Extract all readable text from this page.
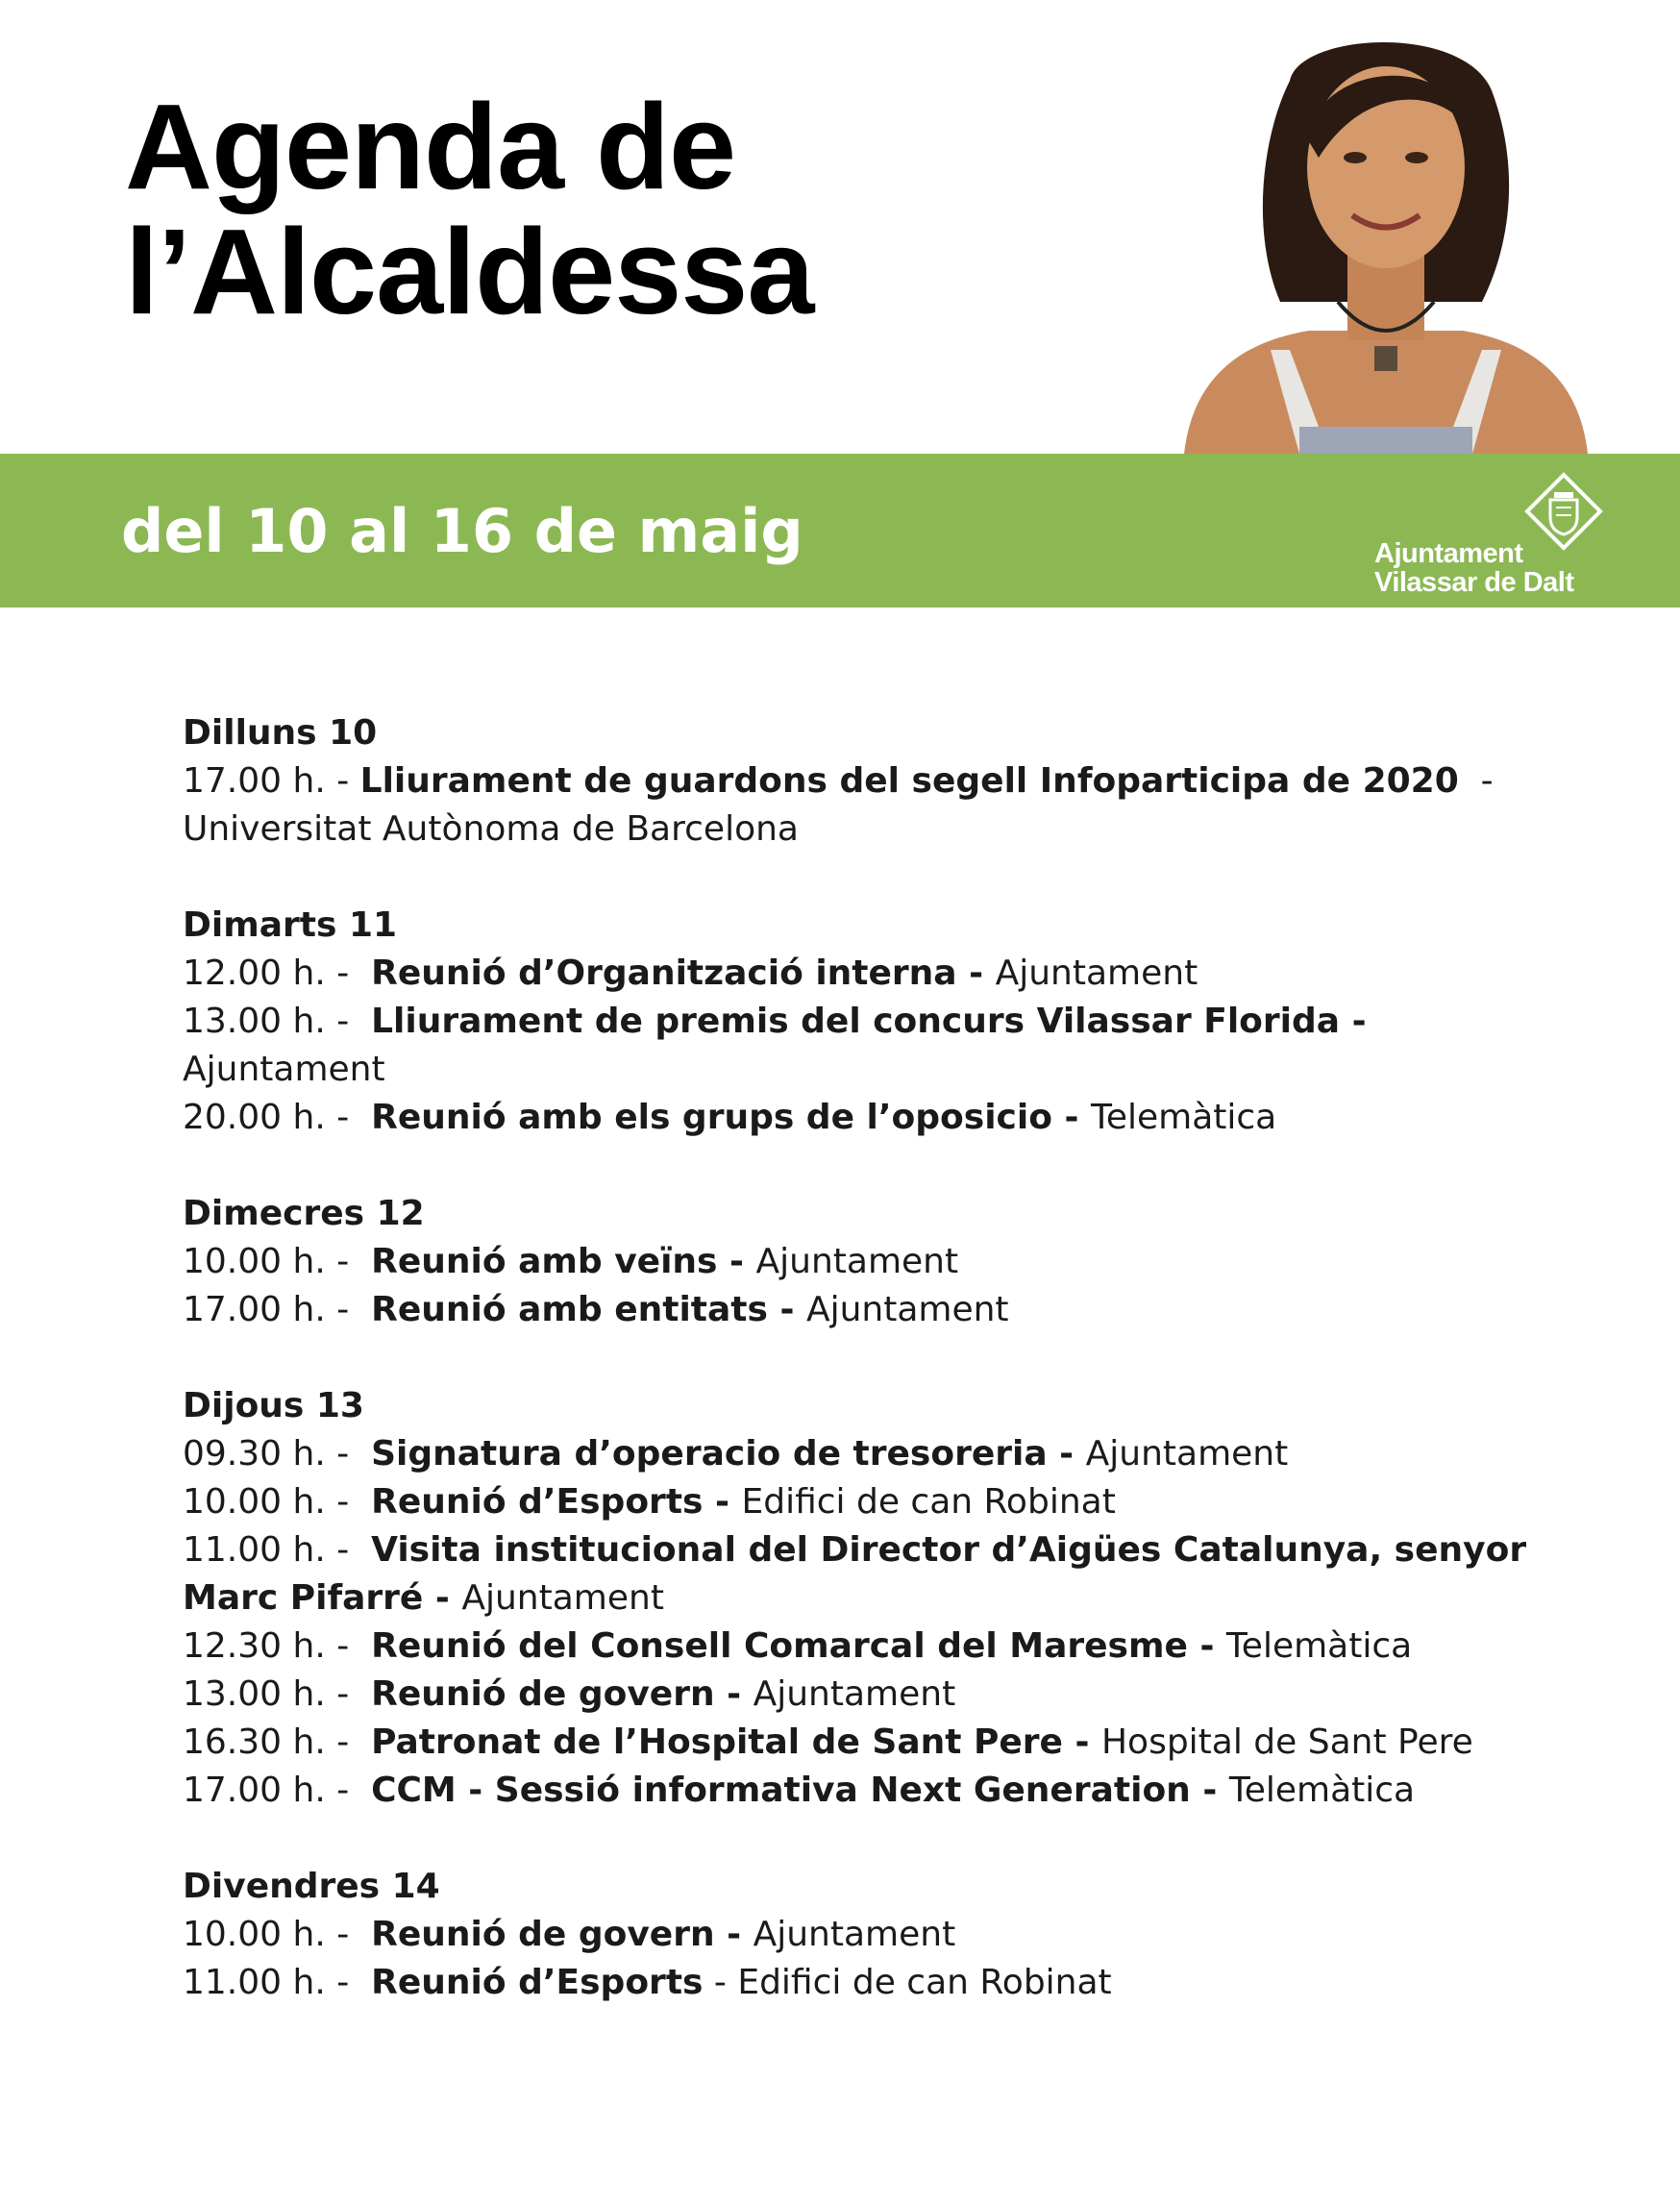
Agenda de
l’Alcaldessa
del 10 al 16 de maig	Ajuntament
Vilassar de Dalt
Dilluns 10
17.00 h. - Lliurament de guardons del segell Infoparticipa de 2020  - Universitat Autònoma de Barcelona
Dimarts 11
12.00 h. -  Reunió d’Organització interna - Ajuntament
13.00 h. -  Lliurament de premis del concurs Vilassar Florida - Ajuntament
20.00 h. -  Reunió amb els grups de l’oposicio - Telemàtica
Dimecres 12
10.00 h. -  Reunió amb veïns - Ajuntament
17.00 h. -  Reunió amb entitats - Ajuntament
Dijous 13
09.30 h. -  Signatura d’operacio de tresoreria - Ajuntament
10.00 h. -  Reunió d’Esports - Edifici de can Robinat
11.00 h. -  Visita institucional del Director d’Aigües Catalunya, senyor Marc Pifarré - Ajuntament
12.30 h. -  Reunió del Consell Comarcal del Maresme - Telemàtica
13.00 h. -  Reunió de govern - Ajuntament
16.30 h. -  Patronat de l’Hospital de Sant Pere - Hospital de Sant Pere
17.00 h. -  CCM - Sessió informativa Next Generation - Telemàtica
Divendres 14
10.00 h. -  Reunió de govern - Ajuntament
11.00 h. -  Reunió d’Esports - Edifici de can Robinat
